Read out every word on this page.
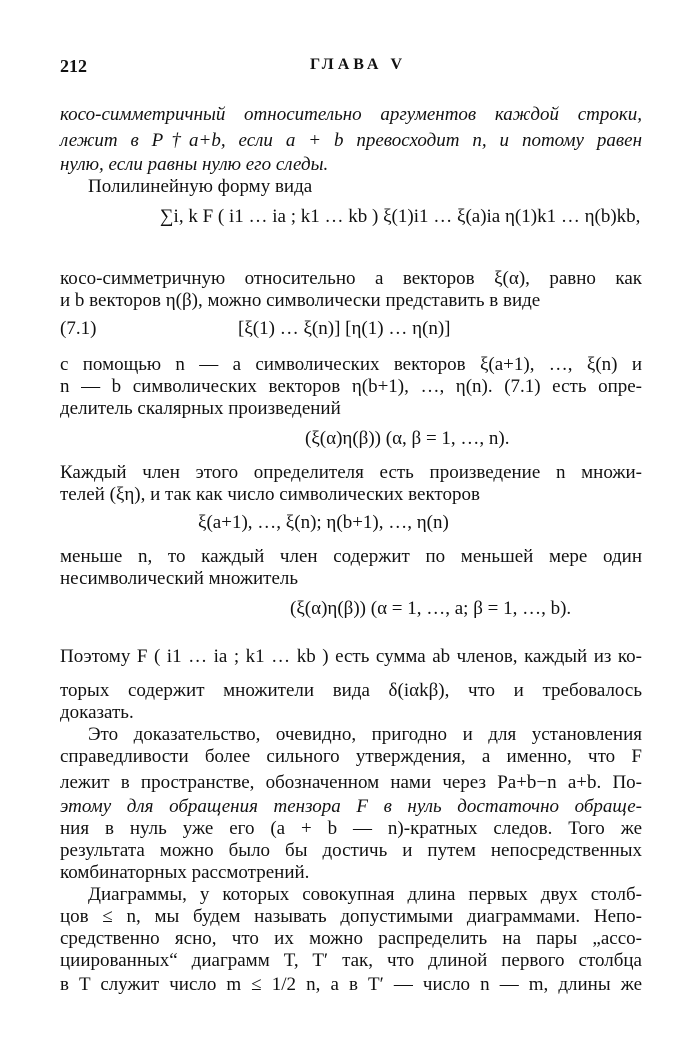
212	ГЛАВА V
косо-симметричный относительно аргументов каждой строки,
лежит в P†a+b, если a + b превосходит n, и потому равен
нулю, если равны нулю его следы.
Полилинейную форму вида
∑i, k F ( i1 … ia ; k1 … kb ) ξ(1)i1 … ξ(a)ia η(1)k1 … η(b)kb,
косо-симметричную относительно a векторов ξ(α), равно как
и b векторов η(β), можно символически представить в виде
(7.1)	[ξ(1) … ξ(n)] [η(1) … η(n)]
с помощью n — a символических векторов ξ(a+1), …, ξ(n) и
n — b символических векторов η(b+1), …, η(n). (7.1) есть опре-
делитель скалярных произведений
(ξ(α)η(β)) (α, β = 1, …, n).
Каждый член этого определителя есть произведение n множи-
телей (ξη), и так как число символических векторов
ξ(a+1), …, ξ(n); η(b+1), …, η(n)
меньше n, то каждый член содержит по меньшей мере один
несимволический множитель
(ξ(α)η(β)) (α = 1, …, a; β = 1, …, b).
Поэтому F ( i1 … ia ; k1 … kb ) есть сумма ab членов, каждый из ко-
торых содержит множители вида δ(iαkβ), что и требовалось
доказать.
Это доказательство, очевидно, пригодно и для установления
справедливости более сильного утверждения, а именно, что F
лежит в пространстве, обозначенном нами через Pa+b−n a+b. По-
этому для обращения тензора F в нуль достаточно обраще-
ния в нуль уже его (a + b — n)-кратных следов. Того же
результата можно было бы достичь и путем непосредственных
комбинаторных рассмотрений.
Диаграммы, у которых совокупная длина первых двух столб-
цов ≤ n, мы будем называть допустимыми диаграммами. Непо-
средственно ясно, что их можно распределить на пары „ассо-
циированных“ диаграмм T, T′ так, что длиной первого столбца
в T служит число m ≤ 1/2 n, а в T′ — число n — m, длины же
